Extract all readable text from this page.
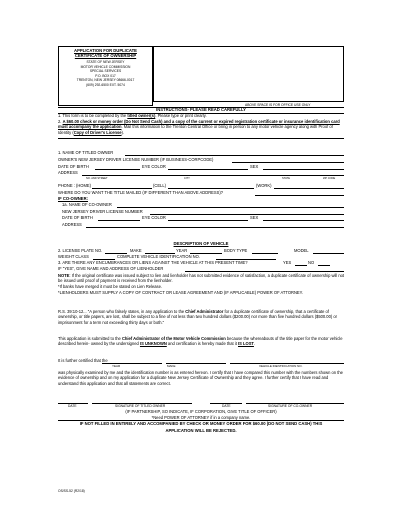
APPLICATION FOR DUPLICATE
CERTIFICATE OF OWNERSHIP
STATE OF NEW JERSEY
MOTOR VEHICLE COMMISSION
SPECIAL SERVICES
P.O. BOX 017
TRENTON, NEW JERSEY 08666-0017
(609) 292-6500 EXT. 5074
ABOVE SPACE IS FOR OFFICE USE ONLY
INSTRUCTIONS- PLEASE READ CAREFULLY
1. This form is to be completed by the titled owner(s). Please type or print clearly.
2. A $60.00 check or money order (Do Not Send Cash) and a copy of the current or expired registration certificate or insurance identification card must accompany the application. Mail this information to the Trenton Central Office or bring in person to any motor vehicle agency along with Proof of Identity (Copy of Driver's License).
1. NAME OF TITLED OWNER
OWNER'S NEW JERSEY DRIVER LICENSE NUMBER (IF BUSINESS-CORPCODE)
DATE OF BIRTH	EYE COLOR	SEX
ADDRESS
NO. AND STREET	CITY	STATE	ZIP CODE
PHONE : (HOME)	(CELL)	(WORK)
WHERE DO YOU WANT THE TITLE MAILED (IF DIFFERENT THAN ABOVE ADDRESS)?
IF CO-OWNER:
1a. NAME OF CO-OWNER
NEW JERSEY DRIVER LICENSE NUMBER
DATE OF BIRTH	EYE COLOR	SEX
ADDRESS
DESCRIPTION OF VEHICLE
2. LICENSE PLATE NO.	MAKE	YEAR	BODY TYPE	MODEL
WEIGHT CLASS	COMPLETE VEHICLE IDENTIFICATION NO.
3. ARE THERE ANY ENCUMBRANCES OR LIENS AGAINST THE VEHICLE AT THIS PRESENT TIME?	YES	NO
IF "YES", GIVE NAME AND ADDRESS OF LIENHOLDER
NOTE: If the original certificate was issued subject to lien and lienholder has not submitted evidence of satisfaction, a duplicate certificate of ownership will not be issued until proof of payment is received from the lienholder.
*If banks have merged it must be stated on Lien Release.
*LIENHOLDERS MUST SUPPLY A COPY OF CONTRACT OR LEASE AGREEMENT AND (IF APPLICABLE) POWER OF ATTORNEY.
R.S. 39:10-12... "A person who falsely states, in any application to the Chief Administrator for a duplicate certificate of ownership, that a certificate of ownership, or title papers, are lost, shall be subject to a fine of not less than two hundred dollars ($200.00) nor more than five hundred dollars ($500.00) or imprisonment for a term not exceeding thirty days or both."
This application is submitted to the Chief Administrator of the Motor Vehicle Commission because the whereabouts of the title paper for the motor vehicle described herein- owned by the undersigned IS UNKNOWN and certification is hereby made that it IS LOST.
It is further certified that the
YEAR	MAKE	VEHICLE IDENTIFICATION NO.
was physically examined by me and the identification number is as entered hereon. I certify that I have compared this number with the numbers shown on the evidence of ownership and on my application for a duplicate New Jersey Certificate of Ownership and they agree. I further certify that I have read and understand this application and that all statements are correct.
DATE	SIGNATURE OF TITLED OWNER	DATE	SIGNATURE OF CO-OWNER
(IF PARTNERSHIP, SO INDICATE, IF CORPORATION, GIVE TITLE OF OFFICER)
*Need POWER OF ATTORNEY if in a company name.
IF NOT FILLED IN ENTIRELY AND ACCOMPANIED BY CHECK OR MONEY ORDER FOR $60.00 (DO NOT SEND CASH) THIS
APPLICATION WILL BE REJECTED.
OS/SS-52 (R2/18)
